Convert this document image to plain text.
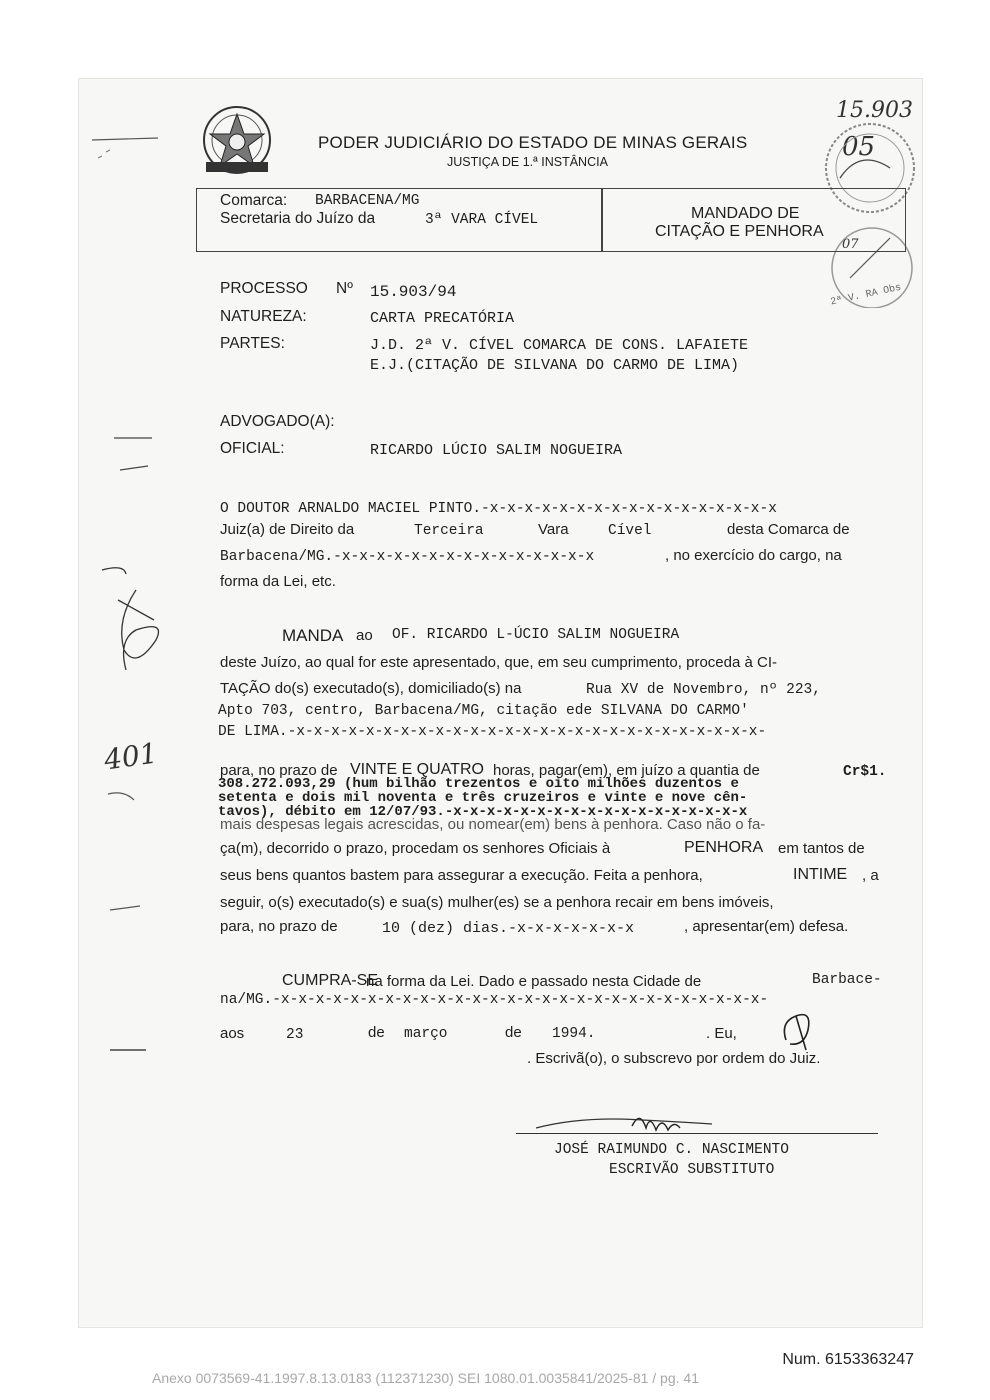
401
PODER JUDICIÁRIO DO ESTADO DE MINAS GERAIS
JUSTIÇA DE 1.ª INSTÂNCIA
15.903
05
07
2ª V. RA Obs
Comarca: BARBACENA/MG
Secretaria do Juízo da	3ª VARA CÍVEL	MANDADO DE
CITAÇÃO E PENHORA
PROCESSO Nº 15.903/94
NATUREZA:	CARTA PRECATÓRIA
PARTES:	J.D. 2ª V. CÍVEL COMARCA DE CONS. LAFAIETE
E.J.(CITAÇÃO DE SILVANA DO CARMO DE LIMA)
ADVOGADO(A):
OFICIAL:	RICARDO LÚCIO SALIM NOGUEIRA
O DOUTOR ARNALDO MACIEL PINTO.-x-x-x-x-x-x-x-x-x-x-x-x-x-x-x-x-x
Juiz(a) de Direito da	Terceira	Vara	Cível	desta Comarca de
Barbacena/MG.-x-x-x-x-x-x-x-x-x-x-x-x-x-x-x	, no exercício do cargo, na
forma da Lei, etc.
MANDA ao OF. RICARDO L-ÚCIO SALIM NOGUEIRA
deste Juízo, ao qual for este apresentado, que, em seu cumprimento, proceda à CI-
TAÇÃO do(s) executado(s), domiciliado(s) na	Rua XV de Novembro, nº 223,
Apto 703, centro, Barbacena/MG, citação ede SILVANA DO CARMO'
DE LIMA.-x-x-x-x-x-x-x-x-x-x-x-x-x-x-x-x-x-x-x-x-x-x-x-x-x-x-x-
para, no prazo de VINTE E QUATRO horas, pagar(em), em juízo a quantia de	Cr$1.
308.272.093,29 (hum bilhão trezentos e oito milhões duzentos e
setenta e dois mil noventa e três cruzeiros e vinte e nove cên-
tavos), débito em 12/07/93.-x-x-x-x-x-x-x-x-x-x-x-x-x-x-x-x-x-x
mais despesas legais acrescidas, ou nomear(em) bens à penhora. Caso não o fa-
ça(m), decorrido o prazo, procedam os senhores Oficiais à	PENHORA em tantos de
seus bens quantos bastem para assegurar a execução. Feita a penhora,	INTIME , a
seguir, o(s) executado(s) e sua(s) mulher(es) se a penhora recair em bens imóveis,
para, no prazo de	10 (dez) dias.-x-x-x-x-x-x-x	, apresentar(em) defesa.
CUMPRA-SE
na forma da Lei. Dado e passado nesta Cidade de	Barbace-
na/MG.-x-x-x-x-x-x-x-x-x-x-x-x-x-x-x-x-x-x-x-x-x-x-x-x-x-x-x-x-
aos	23	de março	de 1994.	. Eu,
. Escrivã(o), o subscrevo por ordem do Juiz.
JOSÉ RAIMUNDO C. NASCIMENTO
ESCRIVÃO SUBSTITUTO
Num. 6153363247
Anexo 0073569-41.1997.8.13.0183 (112371230) SEI 1080.01.0035841/2025-81 / pg. 41
